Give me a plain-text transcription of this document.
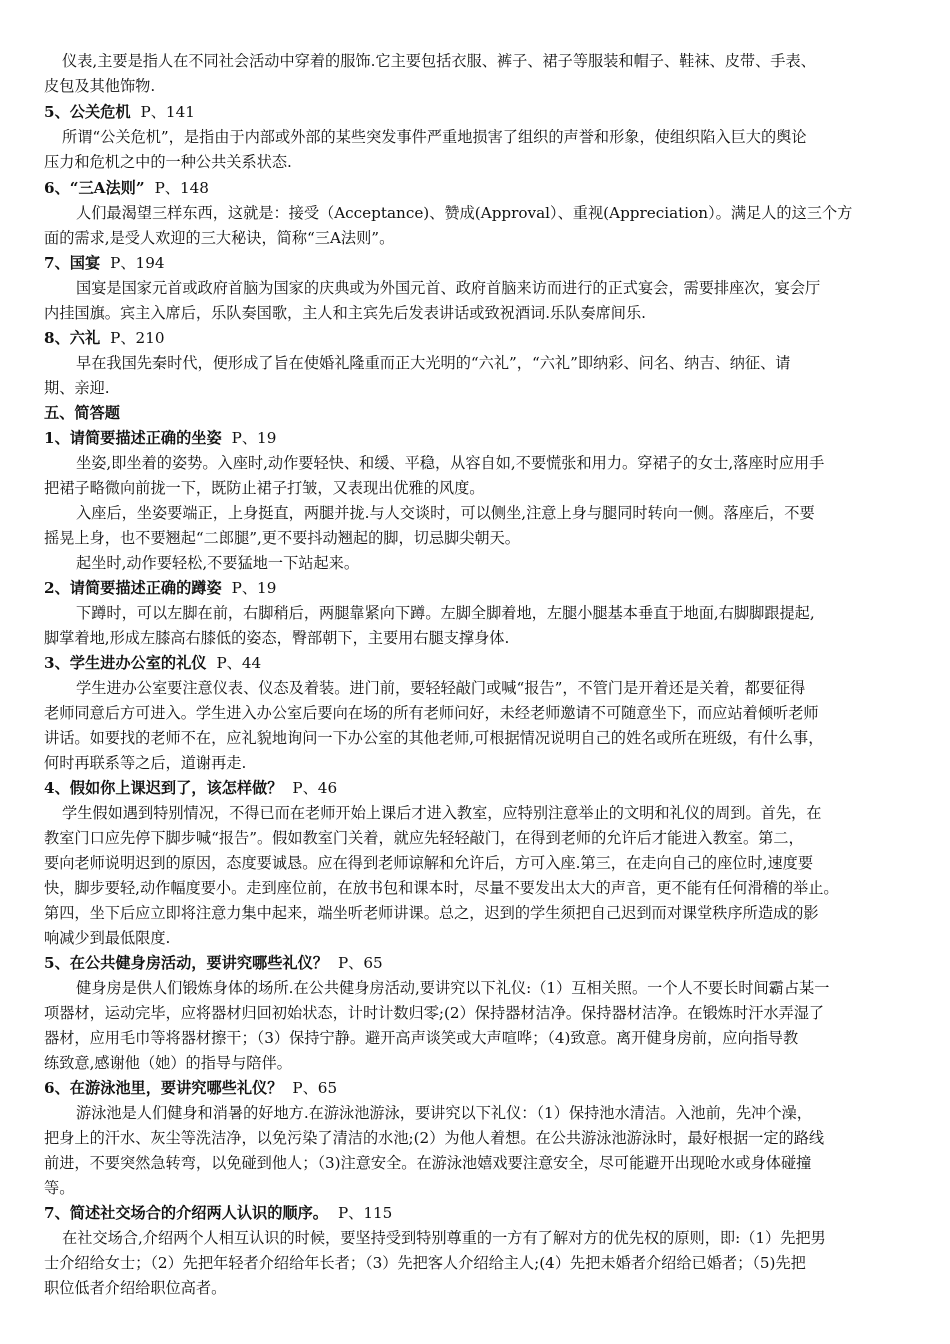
仪表,主要是指人在不同社会活动中穿着的服饰.它主要包括衣服、裤子、裙子等服装和帽子、鞋袜、皮带、手表、
皮包及其他饰物.
5、公关危机 P、141
所谓“公关危机”，是指由于内部或外部的某些突发事件严重地损害了组织的声誉和形象，使组织陷入巨大的舆论
压力和危机之中的一种公共关系状态.
6、“三A法则” P、148
人们最渴望三样东西，这就是：接受（Acceptance)、赞成(Approval）、重视(Appreciation）。满足人的这三个方
面的需求,是受人欢迎的三大秘诀，简称“三A法则”。
7、国宴 P、194
国宴是国家元首或政府首脑为国家的庆典或为外国元首、政府首脑来访而进行的正式宴会，需要排座次，宴会厅
内挂国旗。宾主入席后，乐队奏国歌，主人和主宾先后发表讲话或致祝酒词.乐队奏席间乐.
8、六礼 P、210
早在我国先秦时代，便形成了旨在使婚礼隆重而正大光明的“六礼”，“六礼”即纳彩、问名、纳吉、纳征、请
期、亲迎.
五、简答题
1、请简要描述正确的坐姿 P、19
坐姿,即坐着的姿势。入座时,动作要轻快、和缓、平稳，从容自如,不要慌张和用力。穿裙子的女士,落座时应用手
把裙子略微向前拢一下，既防止裙子打皱，又表现出优雅的风度。
入座后，坐姿要端正，上身挺直，两腿并拢.与人交谈时，可以侧坐,注意上身与腿同时转向一侧。落座后，不要
摇晃上身，也不要翘起“二郎腿”,更不要抖动翘起的脚，切忌脚尖朝天。
起坐时,动作要轻松,不要猛地一下站起来。
2、请简要描述正确的蹲姿 P、19
下蹲时，可以左脚在前，右脚稍后，两腿靠紧向下蹲。左脚全脚着地，左腿小腿基本垂直于地面,右脚脚跟提起,
脚掌着地,形成左膝高右膝低的姿态，臀部朝下，主要用右腿支撑身体.
3、学生进办公室的礼仪 P、44
学生进办公室要注意仪表、仪态及着装。进门前，要轻轻敲门或喊“报告”，不管门是开着还是关着，都要征得
老师同意后方可进入。学生进入办公室后要向在场的所有老师问好，未经老师邀请不可随意坐下，而应站着倾听老师
讲话。如要找的老师不在，应礼貌地询问一下办公室的其他老师,可根据情况说明自己的姓名或所在班级，有什么事，
何时再联系等之后，道谢再走.
4、假如你上课迟到了，该怎样做？ P、46
学生假如遇到特别情况，不得已而在老师开始上课后才进入教室，应特别注意举止的文明和礼仪的周到。首先，在
教室门口应先停下脚步喊“报告”。假如教室门关着，就应先轻轻敲门，在得到老师的允许后才能进入教室。第二，
要向老师说明迟到的原因，态度要诚恳。应在得到老师谅解和允许后，方可入座.第三，在走向自己的座位时,速度要
快，脚步要轻,动作幅度要小。走到座位前，在放书包和课本时，尽量不要发出太大的声音，更不能有任何滑稽的举止。
第四，坐下后应立即将注意力集中起来，端坐听老师讲课。总之，迟到的学生须把自己迟到而对课堂秩序所造成的影
响减少到最低限度.
5、在公共健身房活动，要讲究哪些礼仪？ P、65
健身房是供人们锻炼身体的场所.在公共健身房活动,要讲究以下礼仪:（1）互相关照。一个人不要长时间霸占某一
项器材，运动完毕，应将器材归回初始状态，计时计数归零;(2）保持器材洁净。保持器材洁净。在锻炼时汗水弄湿了
器材，应用毛巾等将器材擦干；（3）保持宁静。避开高声谈笑或大声喧哗；（4)致意。离开健身房前，应向指导教
练致意,感谢他（她）的指导与陪伴。
6、在游泳池里，要讲究哪些礼仪？ P、65
游泳池是人们健身和消暑的好地方.在游泳池游泳，要讲究以下礼仪：（1）保持池水清洁。入池前，先冲个澡，
把身上的汗水、灰尘等洗洁净，以免污染了清洁的水池;(2）为他人着想。在公共游泳池游泳时，最好根据一定的路线
前进，不要突然急转弯，以免碰到他人；（3)注意安全。在游泳池嬉戏要注意安全，尽可能避开出现呛水或身体碰撞
等。
7、简述社交场合的介绍两人认识的顺序。 P、115
在社交场合,介绍两个人相互认识的时候，要坚持受到特别尊重的一方有了解对方的优先权的原则，即:（1）先把男
士介绍给女士；（2）先把年轻者介绍给年长者；（3）先把客人介绍给主人;(4）先把未婚者介绍给已婚者；（5)先把
职位低者介绍给职位高者。
